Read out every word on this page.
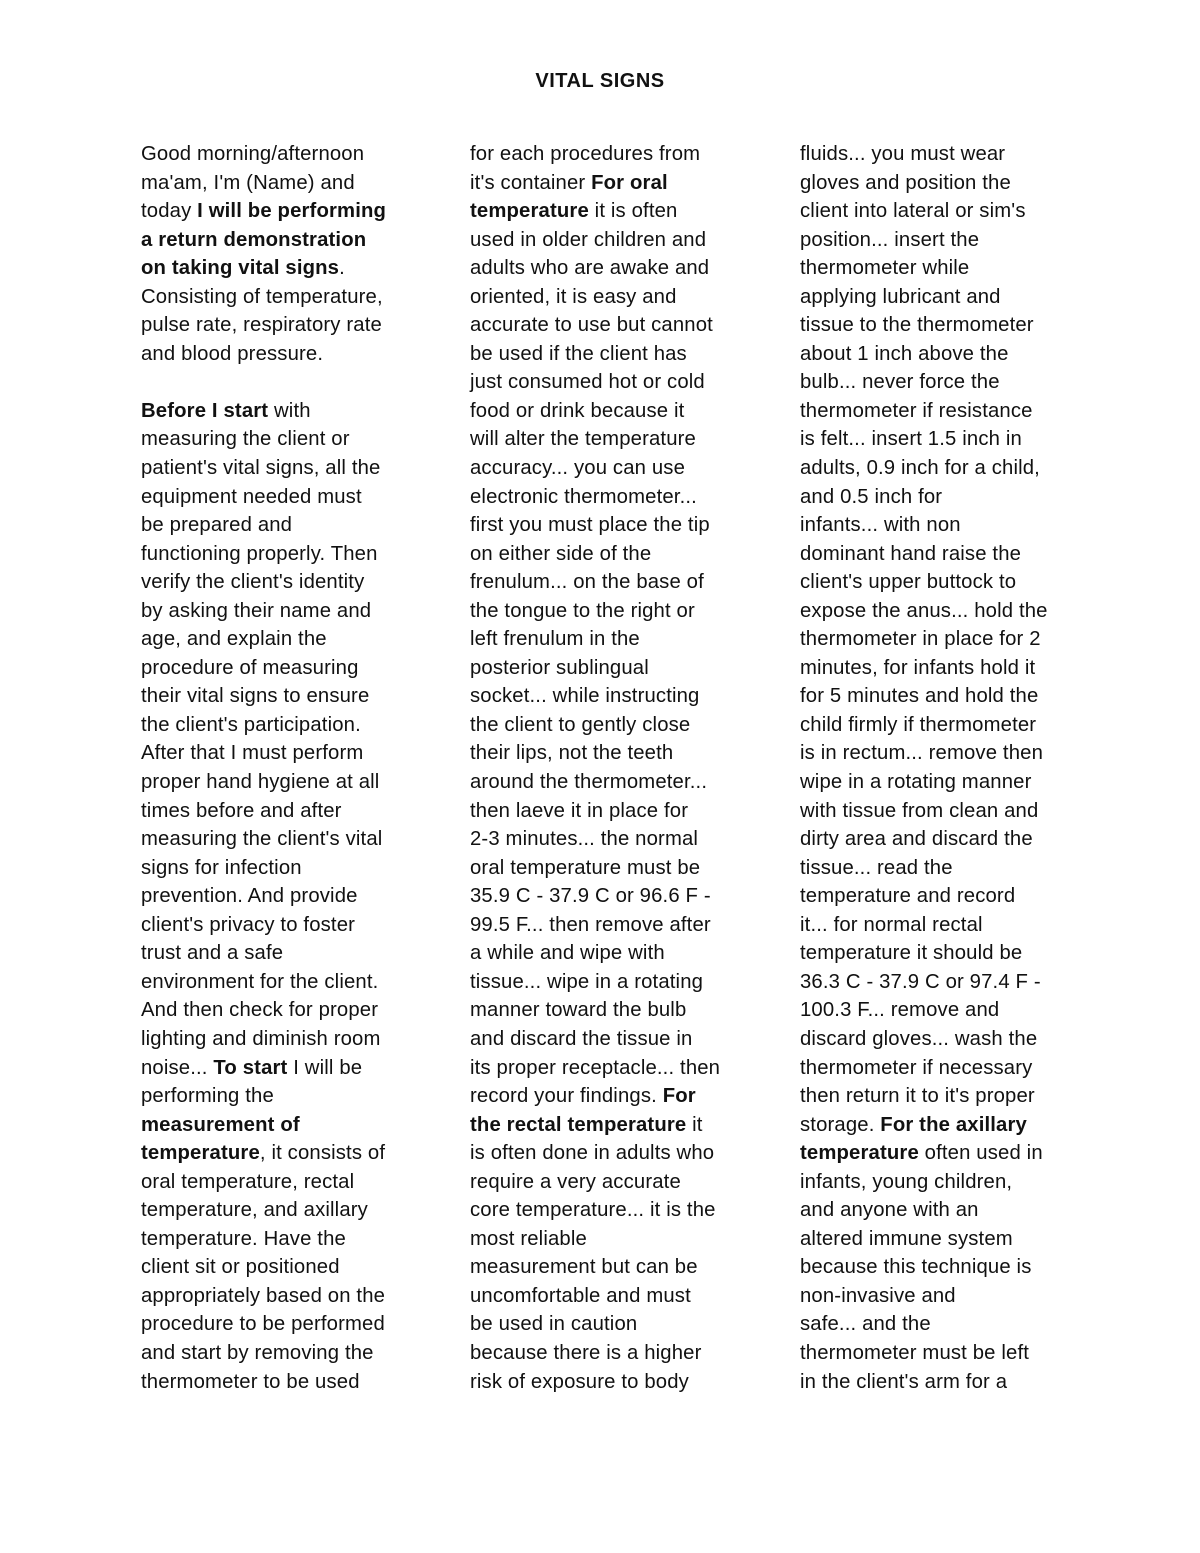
VITAL SIGNS
Good morning/afternoon
ma'am, I'm (Name) and
today I will be performing
a return demonstration
on taking vital signs.
Consisting of temperature,
pulse rate, respiratory rate
and blood pressure.
Before I start with
measuring the client or
patient's vital signs, all the
equipment needed must
be prepared and
functioning properly. Then
verify the client's identity
by asking their name and
age, and explain the
procedure of measuring
their vital signs to ensure
the client's participation.
After that I must perform
proper hand hygiene at all
times before and after
measuring the client's vital
signs for infection
prevention. And provide
client's privacy to foster
trust and a safe
environment for the client.
And then check for proper
lighting and diminish room
noise... To start I will be
performing the
measurement of
temperature, it consists of
oral temperature, rectal
temperature, and axillary
temperature. Have the
client sit or positioned
appropriately based on the
procedure to be performed
and start by removing the
thermometer to be used
for each procedures from
it's container For oral
temperature it is often
used in older children and
adults who are awake and
oriented, it is easy and
accurate to use but cannot
be used if the client has
just consumed hot or cold
food or drink because it
will alter the temperature
accuracy... you can use
electronic thermometer...
first you must place the tip
on either side of the
frenulum... on the base of
the tongue to the right or
left frenulum in the
posterior sublingual
socket... while instructing
the client to gently close
their lips, not the teeth
around the thermometer...
then laeve it in place for
2-3 minutes... the normal
oral temperature must be
35.9 C - 37.9 C or 96.6 F -
99.5 F... then remove after
a while and wipe with
tissue... wipe in a rotating
manner toward the bulb
and discard the tissue in
its proper receptacle... then
record your findings. For
the rectal temperature it
is often done in adults who
require a very accurate
core temperature... it is the
most reliable
measurement but can be
uncomfortable and must
be used in caution
because there is a higher
risk of exposure to body
fluids... you must wear
gloves and position the
client into lateral or sim's
position... insert the
thermometer while
applying lubricant and
tissue to the thermometer
about 1 inch above the
bulb... never force the
thermometer if resistance
is felt... insert 1.5 inch in
adults, 0.9 inch for a child,
and 0.5 inch for
infants... with non
dominant hand raise the
client's upper buttock to
expose the anus... hold the
thermometer in place for 2
minutes, for infants hold it
for 5 minutes and hold the
child firmly if thermometer
is in rectum... remove then
wipe in a rotating manner
with tissue from clean and
dirty area and discard the
tissue... read the
temperature and record
it... for normal rectal
temperature it should be
36.3 C - 37.9 C or 97.4 F -
100.3 F... remove and
discard gloves... wash the
thermometer if necessary
then return it to it's proper
storage. For the axillary
temperature often used in
infants, young children,
and anyone with an
altered immune system
because this technique is
non-invasive and
safe... and the
thermometer must be left
in the client's arm for a
